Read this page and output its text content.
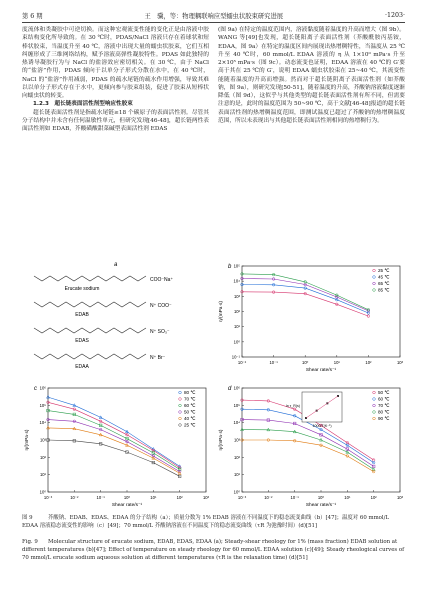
第 6 期	王　骥，等：物理耦联响应型蠕虫状胶束研究进展	·1203·

度流体和类凝胶中可逆切换。而这种宏观流变性能的变化正是由溶液中胶束结构变化所导致的。在 30 ℃时，PDAS/NaCl 溶液只存在着球状和短棒状胶束，当温度升至 40 ℃，溶液中出现大量的蠕虫状胶束，它们互相纠缠形成了三维网络结构，赋予溶液高弹性凝胶特性。PDAS 如此独特的热诱导凝胶行为与 NaCl 的盐溶效应密切相关。在 30 ℃，由于 NaCl 的“盐溶”作用，PDAS 倾向于以单分子形式分散在水中，在 40 ℃时，NaCl 的“盐溶”作用减弱，PDAS 的疏水尾链的疏水作用增强，导致其难以以单分子形式存在于水中，更倾向参与胶束组装，促进了胶束从短棒状向蠕虫状的转变。

1.2.3　超长链表面活性剂型响应性胶束

超长链表面活性剂是指疏水尾链≥18 个碳原子的表面活性剂。尽管其分子结构中并未含有任何温敏性单元，但研究发现[46-48]，超长链两性表面活性剂如 EDAB，芥酸磺酸甜菜碱型表面活性剂 EDAS

(图 9a) 在特定的温度范围内，溶液黏度随着温度的升高而增大（图 9b）。WANG 等[49]也发现，超长链阳离子表面活性剂（芥酸酰胺丙基铵，EDAA，图 9a）在特定的温度区间内展现出热增稠特性，当温度从 25 ℃升至 40 ℃时，60 mmol/L EDAA 溶液的 η 从 1×10⁰ mPa·s 升至 2×10⁵ mPa·s（图 9c）。动态流变也证明，EDAA 溶液在 40 ℃的 G′要高于其在 25 ℃的 G′，说明 EDAA 蠕虫状胶束在 25~40 ℃，其流变性能随着温度的升高而增强。然而对于超长链阴离子表面活性剂（如芥酸钠，图 9a），则研究发现[50-51]，随着温度的升高，芥酸钠溶液黏度逐渐降低（图 9d），这似乎与其他类型的超长链表面活性剂有所不同，但需要注意的是，此时的温度范围为 50~90 ℃，高于文献[46-48]报道的超长链表面活性剂的热增稠温度范围，即测试温度已超过了芥酸钠的热增稠温度范围，所以未表现出与其他超长链表面活性剂相同的热增稠行为。

a
COO⁻Na⁺
Erucate sodium
N⁺ COO⁻
EDAB
N⁺ SO₃⁻
EDAS
N⁺ Br⁻
EDAA
b
10⁻²	10⁻¹	10⁰	10¹	10²	10³
10⁵
10⁴
10³
10²
10¹
10⁰
10⁻¹
Shear rate/s⁻¹
η/(mPa·s)
25 ℃
45 ℃
65 ℃
85 ℃
c
10⁻³	10⁻²	10⁻¹	10⁰	10¹	10²	10³
10⁶
10⁵
10⁴
10³
10²
10¹
10⁰
Shear rate/s⁻¹
η/(mPa·s)
80 ℃
70 ℃
60 ℃
50 ℃
40 ℃
25 ℃
d
10⁻³	10⁻²	10⁻¹	10⁰	10¹	10²	10³
10⁶
10⁵
10⁴
10³
10²
10¹
10⁰
Shear rate/s⁻¹
η/(mPa·s)
50 ℃
60 ℃
70 ℃
80 ℃
90 ℃
1000/T(K⁻¹)
ln τ_R(s)
图 9	芥酸钠、EDAB、EDAS、EDAA 的分子结构（a）；质量分数为 1% EDAB 溶液在不同温度下的稳态流变曲线（b）[47]；温度对 60 mmol/L EDAA 溶液稳态流变性的影响（c）[49]；70 mmol/L 芥酸钠溶液在不同温度下的稳态流变曲线（τR 为弛豫时间）(d)[51]
Fig. 9 Molecular structure of erucate sodium, EDAB, EDAS, EDAA (a); Steady-shear rheology for 1% (mass fraction) EDAB solution at different temperatures (b)[47]; Effect of temperature on steady rheology for 60 mmol/L EDAA solution (c)[49]; Steady rheological curves of 70 mmol/L erucate sodium aqueous solution at different temperatures (τR is the relaxation time) (d)[51]
